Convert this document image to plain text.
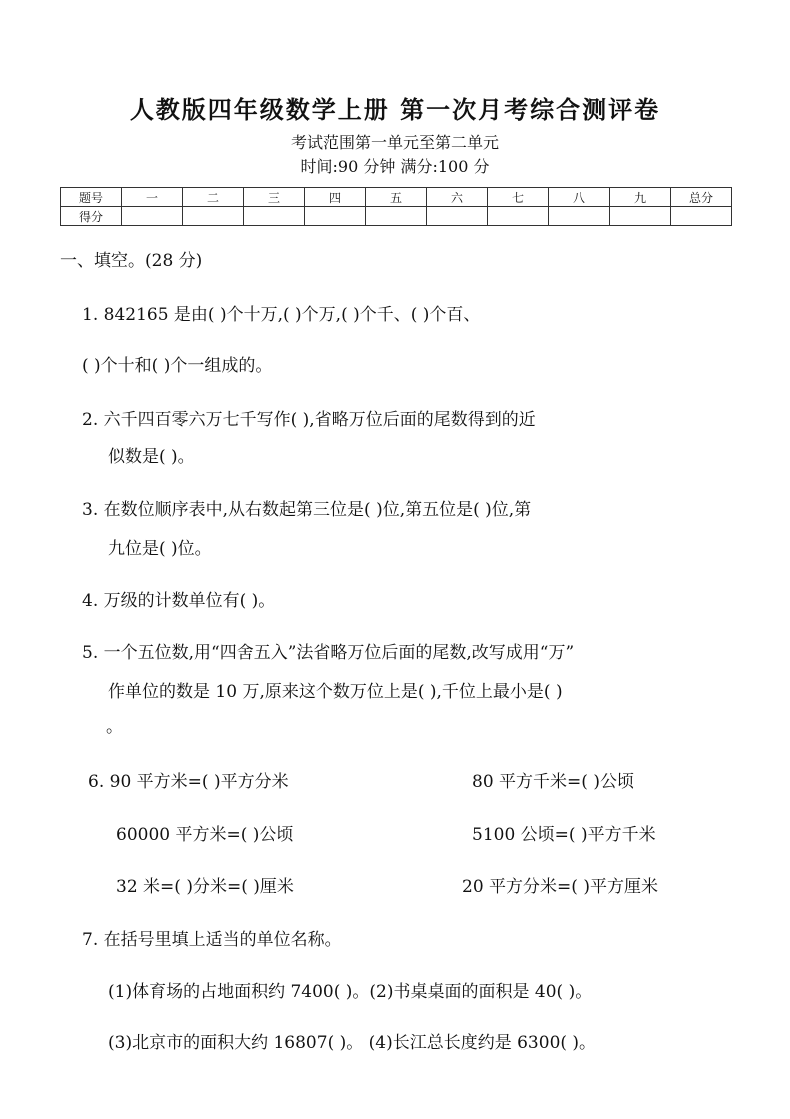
人教版四年级数学上册 第一次月考综合测评卷
考试范围第一单元至第二单元
时间:90 分钟 满分:100 分
题号	一	二	三	四	五	六	七	八	九	总分
得分										
一、填空。(28 分)
1. 842165 是由( )个十万,( )个万,( )个千、( )个百、
( )个十和( )个一组成的。
2. 六千四百零六万七千写作( ),省略万位后面的尾数得到的近
似数是( )。
3. 在数位顺序表中,从右数起第三位是( )位,第五位是( )位,第
九位是( )位。
4. 万级的计数单位有( )。
5. 一个五位数,用“四舍五入”法省略万位后面的尾数,改写成用“万”
作单位的数是 10 万,原来这个数万位上是( ),千位上最小是( )
。
6. 90 平方米=( )平方分米	80 平方千米=( )公顷
60000 平方米=( )公顷	5100 公顷=( )平方千米
32 米=( )分米=( )厘米	20 平方分米=( )平方厘米
7. 在括号里填上适当的单位名称。
(1)体育场的占地面积约 7400( )。(2)书桌桌面的面积是 40( )。
(3)北京市的面积大约 16807( )。 (4)长江总长度约是 6300( )。
